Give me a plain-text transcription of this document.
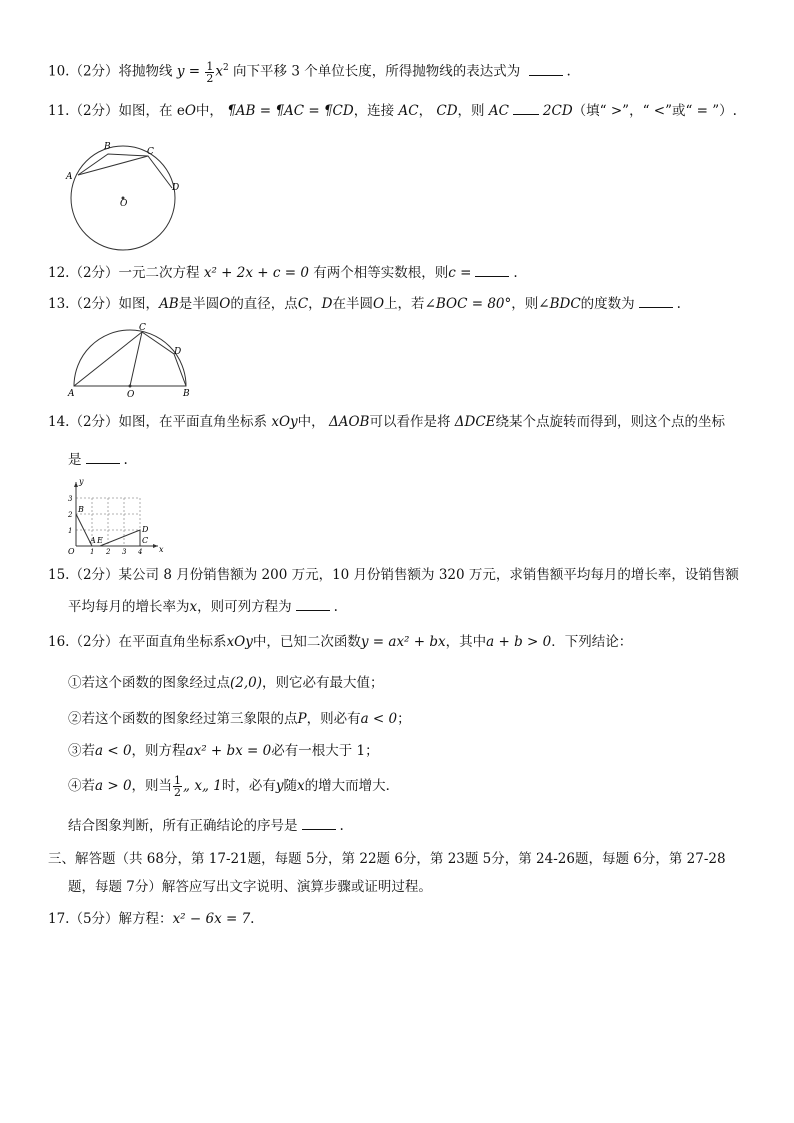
10.（2分）将抛物线 $y = \frac{1}{2} x^2$ 向下平移 3 个单位长度，所得抛物线的表达式为	.
11.（2分）如图，在 eO中， ¶AB = ¶AC = ¶CD，连接 AC， CD，则 AC	2CD（填“ >”，“ <”或“ = ”）.
A
B	C
D
O
12.（2分）一元二次方程 x² + 2x + c = 0 有两个相等实数根，则c =	.
13.（2分）如图，AB是半圆O的直径，点C，D在半圆O上，若∠BOC = 80°，则∠BDC的度数为	.
A	O	B
C
D
14.（2分）如图，在平面直角坐标系 xOy中， ΔAOB可以看作是将 ΔDCE绕某个点旋转而得到，则这个点的坐标
是	.
y
x
O 1 2 3 4
1
2
3
B
A E
D
C
15.（2分）某公司 8 月份销售额为 200 万元，10 月份销售额为 320 万元，求销售额平均每月的增长率，设销售额
平均每月的增长率为x，则可列方程为	.
16.（2分）在平面直角坐标系xOy中，已知二次函数y = ax² + bx，其中a + b > 0．下列结论：
①若这个函数的图象经过点(2,0)，则它必有最大值；
②若这个函数的图象经过第三象限的点P，则必有a < 0；
③若a < 0，则方程ax² + bx = 0必有一根大于 1；
④若a > 0，则当 $\frac{1}{2}$ „ x„ 1时，必有y随x的增大而增大．
结合图象判断，所有正确结论的序号是	.
三、解答题（共 68分，第 17-21题，每题 5分，第 22题 6分，第 23题 5分，第 24-26题，每题 6分，第 27-28
题，每题 7分）解答应写出文字说明、演算步骤或证明过程。
17.（5分）解方程：x² − 6x = 7.
